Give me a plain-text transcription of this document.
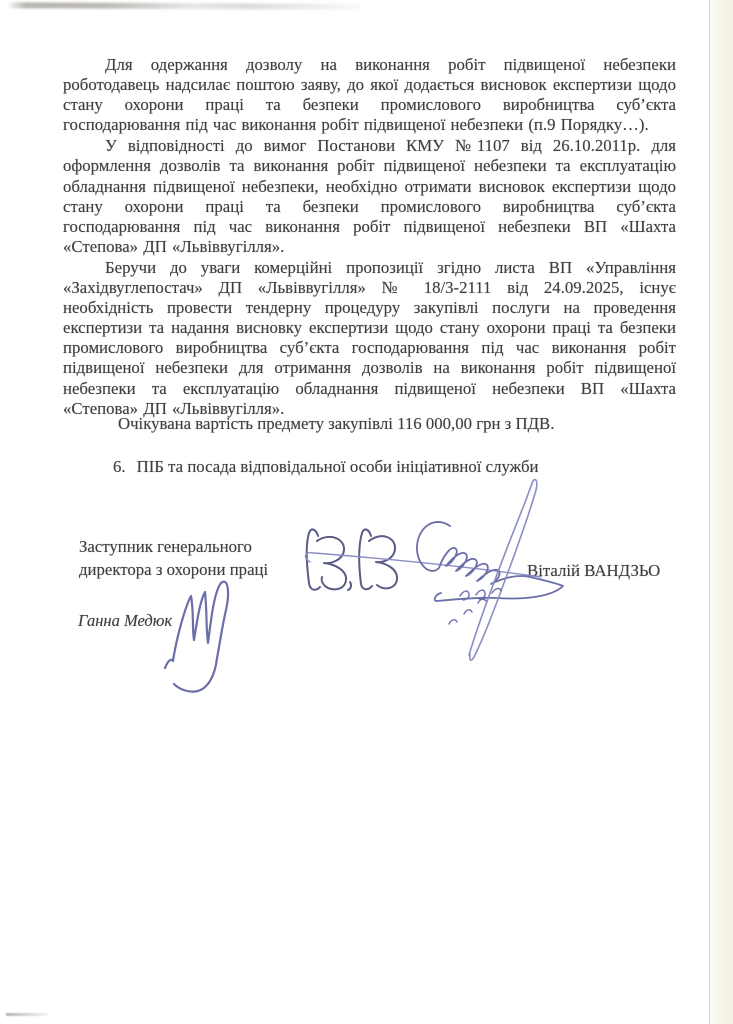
Для одержання дозволу на виконання робіт підвищеної небезпеки роботодавець надсилає поштою заяву, до якої додається висновок експертизи щодо стану охорони праці та безпеки промислового виробництва суб’єкта господарювання під час виконання робіт підвищеної небезпеки (п.9 Порядку…).

У відповідності до вимог Постанови КМУ №1107 від 26.10.2011р. для оформлення дозволів та виконання робіт підвищеної небезпеки та експлуатацію обладнання підвищеної небезпеки, необхідно отримати висновок експертизи щодо стану охорони праці та безпеки промислового виробництва суб’єкта господарювання під час виконання робіт підвищеної небезпеки ВП «Шахта «Степова» ДП «Львіввугілля».

Беручи до уваги комерційні пропозиції згідно листа ВП «Управління «Західвуглепостач» ДП «Львіввугілля» № 18/3-2111 від 24.09.2025, існує необхідність провести тендерну процедуру закупівлі послуги на проведення експертизи та надання висновку експертизи щодо стану охорони праці та безпеки промислового виробництва суб’єкта господарювання під час виконання робіт підвищеної небезпеки для отримання дозволів на виконання робіт підвищеної небезпеки та експлуатацію обладнання підвищеної небезпеки ВП «Шахта «Степова» ДП «Львіввугілля».

Очікувана вартість предмету закупівлі 116 000,00 грн з ПДВ.
6. ПІБ та посада відповідальної особи ініціативної служби
Заступник генерального директора з охорони праці	Віталій ВАНДЗЬО
Ганна Медюк
